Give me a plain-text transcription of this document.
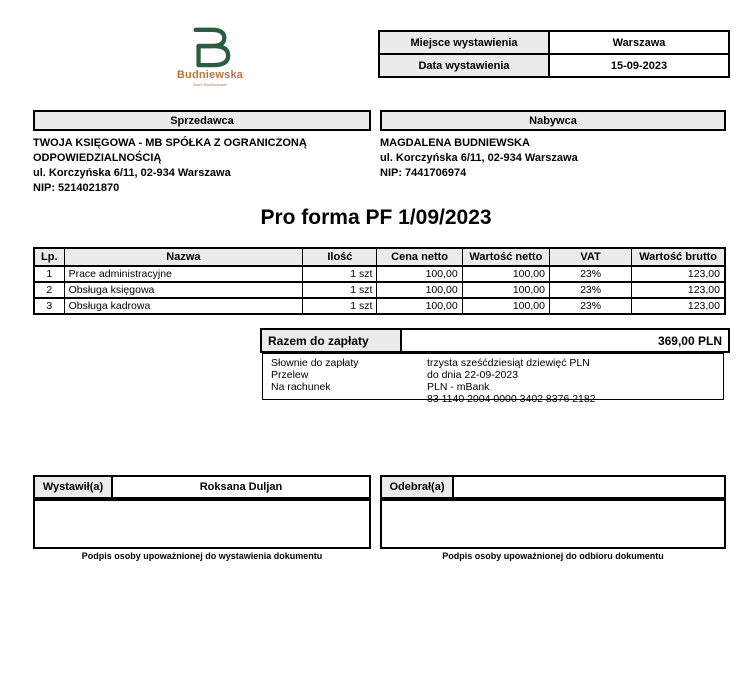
Budniewska
Biuro Rachunkowe
Miejsce wystawienia	Warszawa
Data wystawienia	15-09-2023
Sprzedawca
TWOJA KSIĘGOWA - MB SPÓŁKA Z OGRANICZONĄ ODPOWIEDZIALNOŚCIĄ
ul. Korczyńska 6/11, 02-934 Warszawa
NIP: 5214021870
Nabywca
MAGDALENA BUDNIEWSKA
ul. Korczyńska 6/11, 02-934 Warszawa
NIP: 7441706974
Pro forma PF 1/09/2023
Lp.	Nazwa	Ilość	Cena netto	Wartość netto	VAT	Wartość brutto
1	Prace administracyjne	1 szt	100,00	100,00	23%	123,00
2	Obsługa księgowa	1 szt	100,00	100,00	23%	123,00
3	Obsługa kadrowa	1 szt	100,00	100,00	23%	123,00
Razem do zapłaty	369,00 PLN
Słownie do zapłaty	trzysta sześćdziesiąt dziewięć PLN
Przelew	do dnia 22-09-2023
Na rachunek	PLN - mBank
83 1140 2004 0000 3402 8376 2182
Wystawił(a)	Roksana Duljan
Podpis osoby upoważnionej do wystawienia dokumentu
Odebrał(a)
Podpis osoby upoważnionej do odbioru dokumentu
